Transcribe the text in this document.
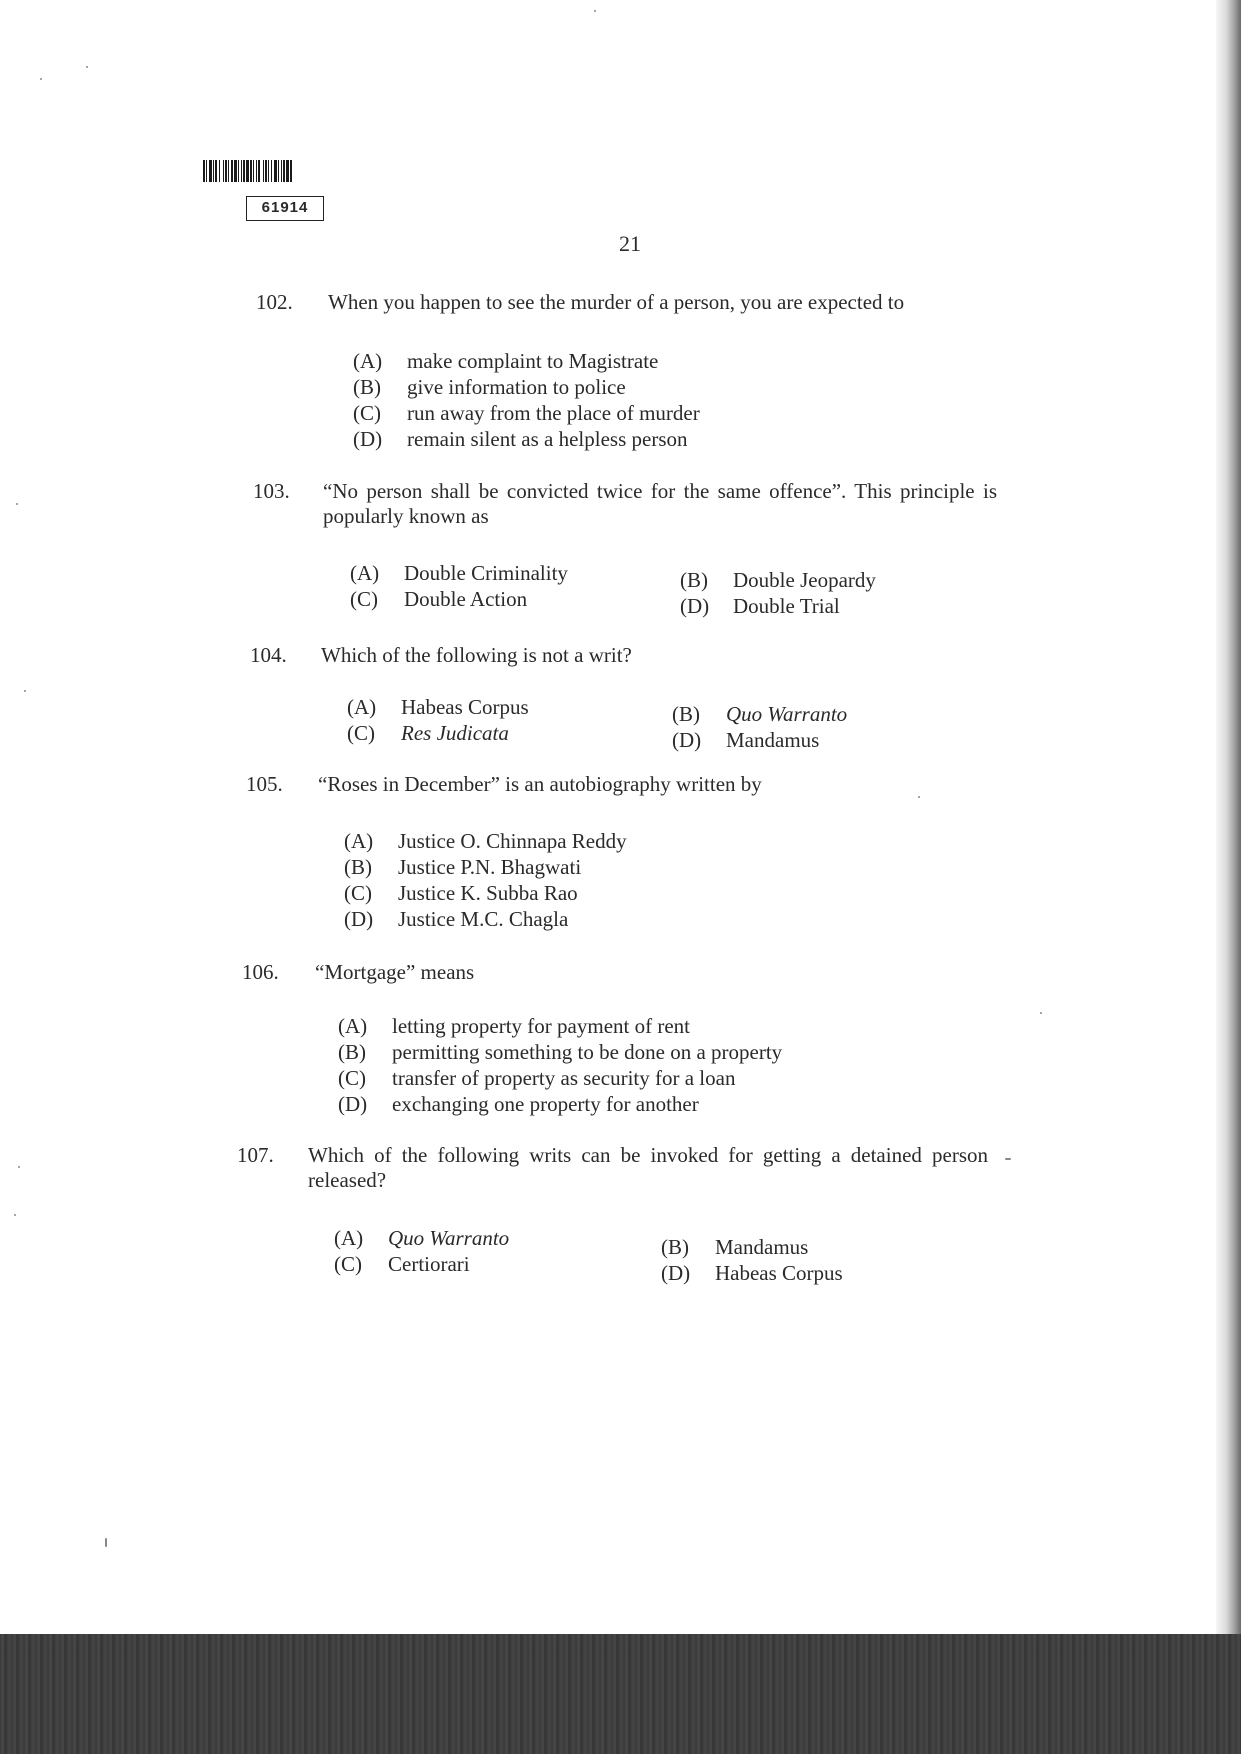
61914
21
102. When you happen to see the murder of a person, you are expected to
(A) make complaint to Magistrate
(B) give information to police
(C) run away from the place of murder
(D) remain silent as a helpless person
103. “No person shall be convicted twice for the same offence”. This principle is popularly known as
(A) Double Criminality
(C) Double Action
(B) Double Jeopardy
(D) Double Trial
104. Which of the following is not a writ?
(A) Habeas Corpus
(C) Res Judicata
(B) Quo Warranto
(D) Mandamus
105. “Roses in December” is an autobiography written by
(A) Justice O. Chinnapa Reddy
(B) Justice P.N. Bhagwati
(C) Justice K. Subba Rao
(D) Justice M.C. Chagla
106. “Mortgage” means
(A) letting property for payment of rent
(B) permitting something to be done on a property
(C) transfer of property as security for a loan
(D) exchanging one property for another
107. Which of the following writs can be invoked for getting a detained person released?
(A) Quo Warranto
(C) Certiorari
(B) Mandamus
(D) Habeas Corpus
